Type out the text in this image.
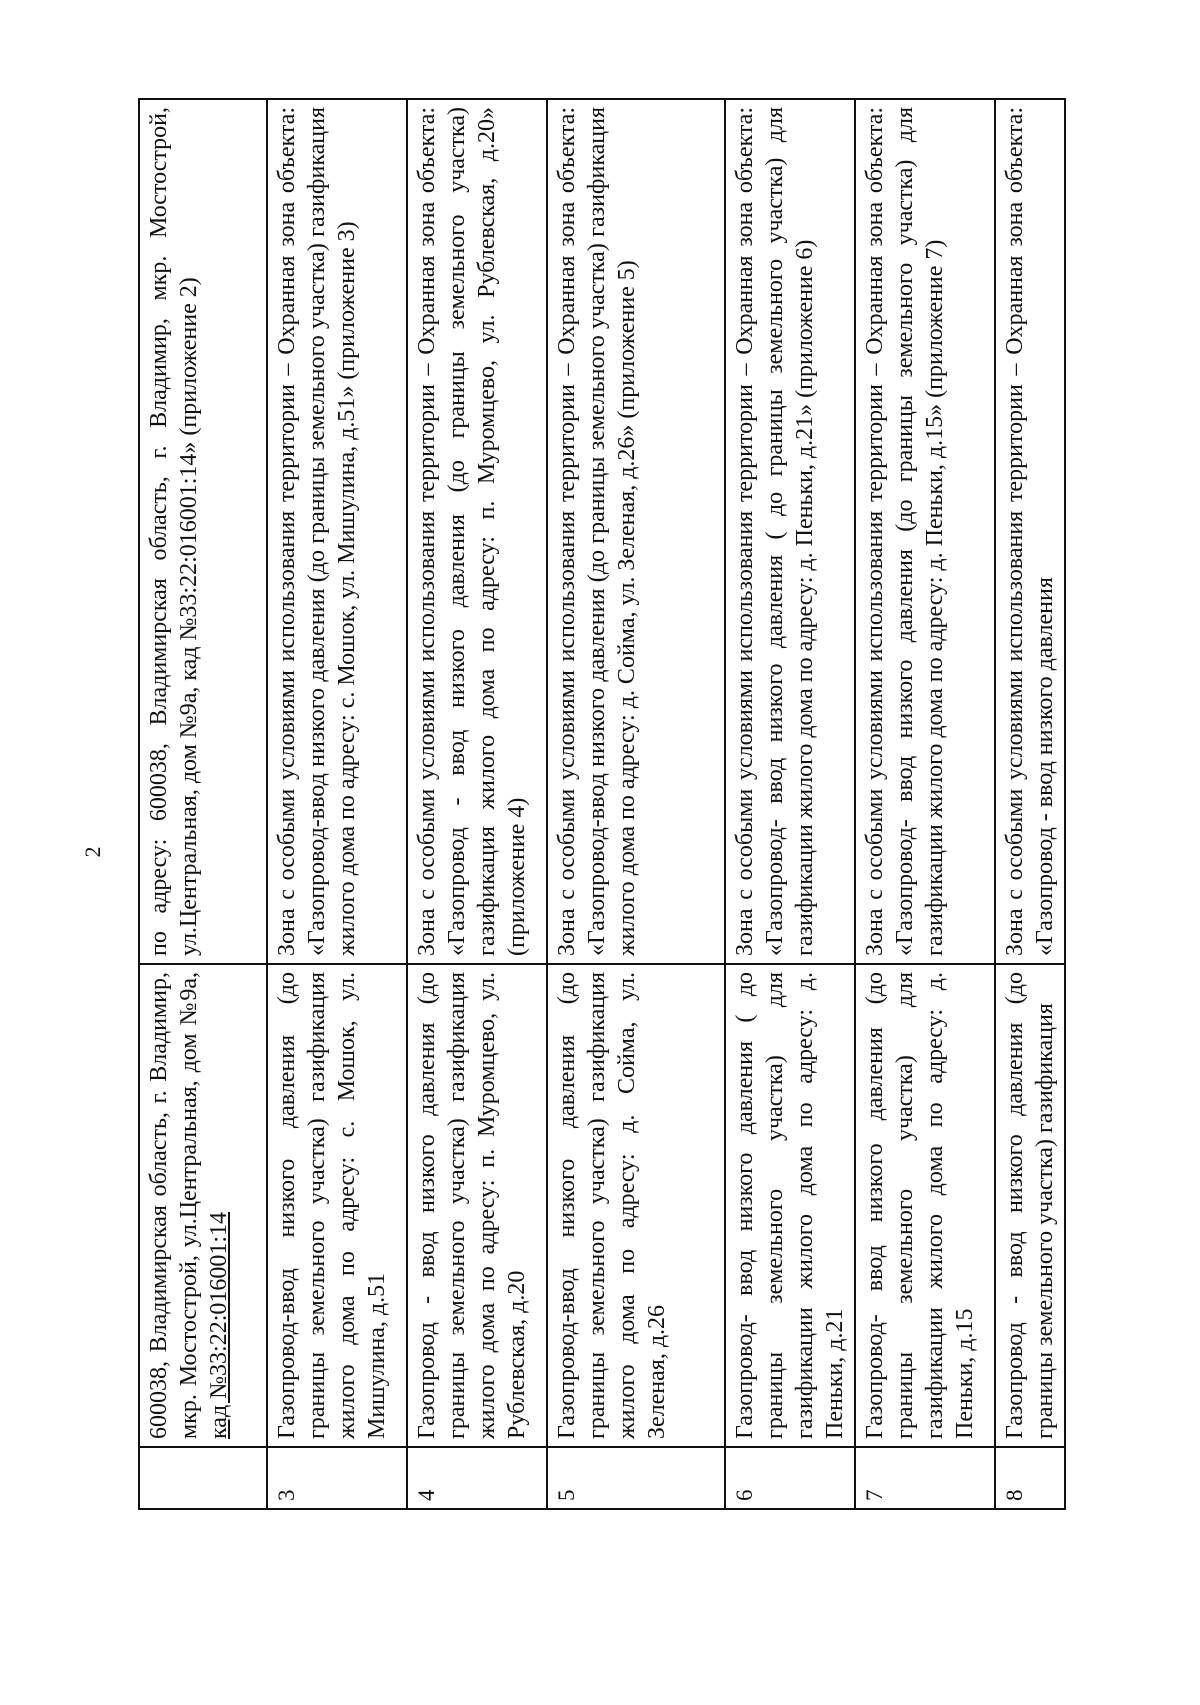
2
	600038, Владимирская область, г. Владимир, мкр. Мостострой, ул.Центральная, дом №9а, кад №33:22:016001:14	по адресу: 600038, Владимирская область, г. Владимир, мкр. Мостострой, ул.Центральная, дом №9а, кад №33:22:016001:14» (приложение 2)
3	Газопровод-ввод низкого давления (до границы земельного участка) газификация жилого дома по адресу: с. Мошок, ул. Мишулина, д.51	Зона с особыми условиями использования территории – Охранная зона объекта: «Газопровод-ввод низкого давления (до границы земельного участка) газификация жилого дома по адресу: с. Мошок, ул. Мишулина, д.51» (приложение 3)
4	Газопровод - ввод низкого давления (до границы земельного участка) газификация жилого дома по адресу: п. Муромцево, ул. Рублевская, д.20	Зона с особыми условиями использования территории – Охранная зона объекта: «Газопровод - ввод низкого давления (до границы земельного участка) газификация жилого дома по адресу: п. Муромцево, ул. Рублевская, д.20» (приложение 4)
5	Газопровод-ввод низкого давления (до границы земельного участка) газификация жилого дома по адресу: д. Сойма, ул. Зеленая, д.26	Зона с особыми условиями использования территории – Охранная зона объекта: «Газопровод-ввод низкого давления (до границы земельного участка) газификация жилого дома по адресу: д. Сойма, ул. Зеленая, д.26» (приложение 5)
6	Газопровод- ввод низкого давления ( до границы земельного участка) для газификации жилого дома по адресу: д. Пеньки, д.21	Зона с особыми условиями использования территории – Охранная зона объекта: «Газопровод- ввод низкого давления ( до границы земельного участка) для газификации жилого дома по адресу: д. Пеньки, д.21» (приложение 6)
7	Газопровод- ввод низкого давления (до границы земельного участка) для газификации жилого дома по адресу: д. Пеньки, д.15	Зона с особыми условиями использования территории – Охранная зона объекта: «Газопровод- ввод низкого давления (до границы земельного участка) для газификации жилого дома по адресу: д. Пеньки, д.15» (приложение 7)
8	Газопровод - ввод низкого давления (до границы земельного участка) газификация	Зона с особыми условиями использования территории – Охранная зона объекта: «Газопровод - ввод низкого давления
